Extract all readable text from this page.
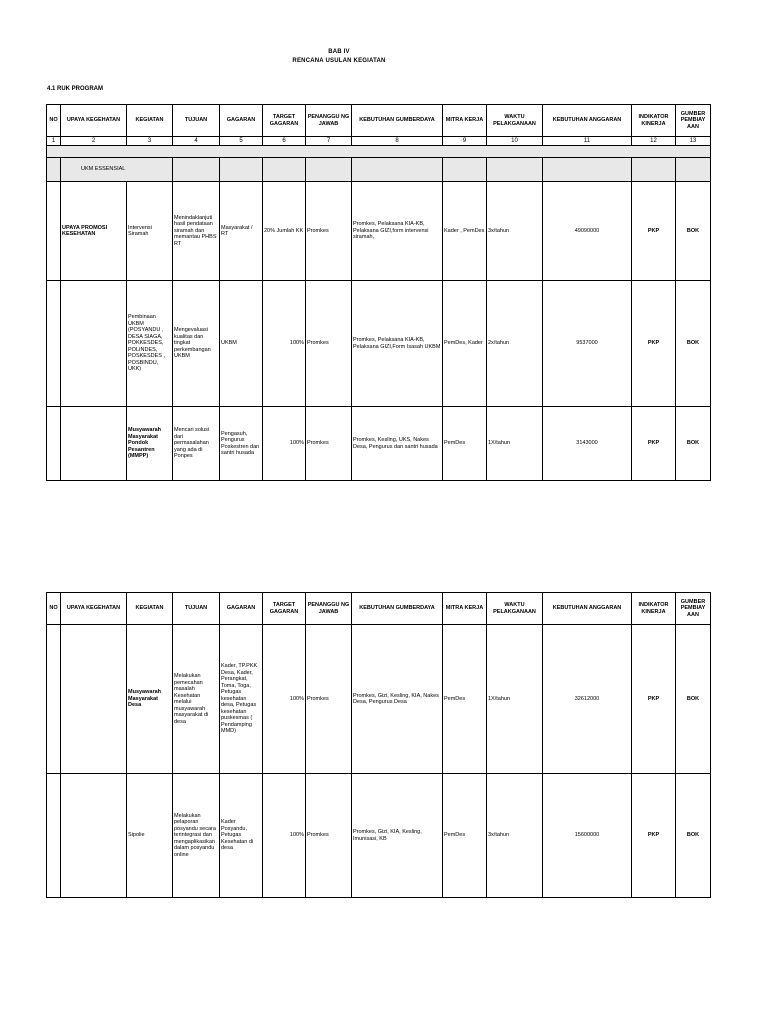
BAB IV
RENCANA USULAN KEGIATAN
4.1 RUK PROGRAM
NO	UPAYA KEGEHATAN	KEGIATAN	TUJUAN	GAGARAN	TARGET GAGARAN	PENANGGU NG JAWAB	KEBUTUHAN GUMBERDAYA	MITRA KERJA	WAKTU PELAKGANAAN	KEBUTUHAN ANGGARAN	INDIKATOR KINERJA	GUMBER PEMBIAY AAN
1	2	3	4	5	6	7	8	9	10	11	12	13

	UKM ESSENSIAL											
	UPAYA PROMOSI KESEHATAN	Intervensi Siramah	Menindaklanjuti hasil pendataan siramah dan memantau PHBS RT	Masyarakat / RT	20% Jumlah KK	Promkes	Promkes, Pelaksana KIA-KB, Pelaksana GIZI,form intervensi siramah,	Kader , PemDes	3x/tahun	49090000	PKP	BOK
		Pembinaan UKBM (POSYANDU , DESA SIAGA, POKKESDES, POLINDES, POSKESDES , POSBINDU, UKK)	Mengevaluasi kualitas dan tingkat perkembangan UKBM	UKBM	100%	Promkes	Promkes, Pelaksana KIA-KB, Pelaksana GIZI,Form Isasah UKBM	PemDes, Kader	2x/tahun	9537000	PKP	BOK
		Musyawarah Masyarakat Pondok Pesantren (MMPP)	Mencari solusi dari permasalahan yang ada di Ponpes	Pengasuh, Pengurus Poskestren dan santri husada	100%	Promkes	Promkes, Kesling, UKS, Nakes Desa, Pengurus dan santri husada	PemDes	1X/tahun	3143000	PKP	BOK
NO	UPAYA KEGEHATAN	KEGIATAN	TUJUAN	GAGARAN	TARGET GAGARAN	PENANGGU NG JAWAB	KEBUTUHAN GUMBERDAYA	MITRA KERJA	WAKTU PELAKGANAAN	KEBUTUHAN ANGGARAN	INDIKATOR KINERJA	GUMBER PEMBIAY AAN
		Musyawarah Masyarakat Desa	Melakukan pemecahan masalah Kesehatan melalui musyawarah masyarakat di desa	Kader, TP.PKK Desa, Kader, Perangkat, Toma, Toga, Petugas kesehatan desa, Petugas kesehatan puskesmas ( Pendamping MMD)	100%	Promkes	Promkes, Gizi, Kesling, KIA, Nakes Desa, Pengurus Desa	PemDes	1X/tahun	32612000	PKP	BOK
		Sipolie	Melakukan pelaporan posyandu secara terintegrasi dan mengaplikasikan dalam posyandu online	Kader Posyandu, Petugas Kesehatan di desa	100%	Promkes	Promkes, Gizi, KIA, Kesling, Imunisasi, KB	PemDes	3x/tahun	15600000	PKP	BOK
